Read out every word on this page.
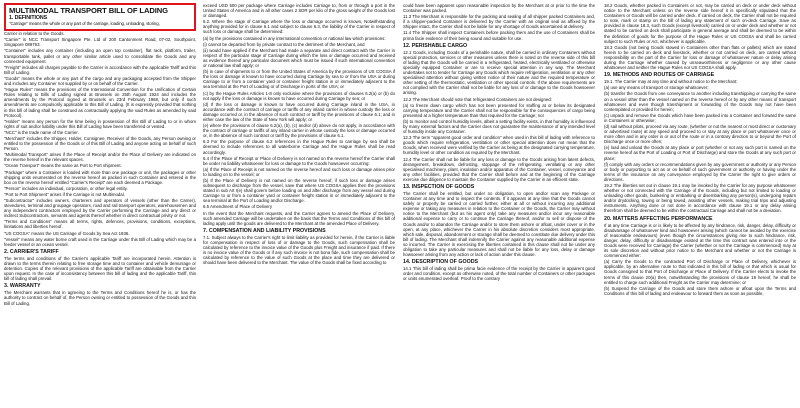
MULTIMODAL TRANSPORT BILL OF LADING
1. DEFINITIONS
"Carriage" means the whole or any part of the carriage, loading, unloading, storing,

Carrier in relation to the Goods.

"Carrier" is NCC Transport Singapore Pte. Ltd of 200 Cantonment Road, 07-02, Southpoint, Singapore 089763.

"Container" includes any container (including an open top container), flat rack, platform, trailer, transportable tank, pallet or any other similar article used to consolidate the Goods and any connected equipment.

"Freight" includes all charges payable to the Carrier in accordance with the applicable Tariff and this Bill of Lading.

"Goods" means the whole or any part of the cargo and any packaging accepted from the Shipper and includes any Container not supplied by or on behalf of the Carrier.

"Hague Rules" means the provisions of the International Convention for the Unification of Certain Rules relating to Bills of Lading signed at Brussels on 25th August 1924 and includes the amendments by the Protocol signed at Brussels on 23rd February 1968, but only if such amendments are compulsorily applicable to this Bill of Lading. (It is expressly provided that nothing in this bill of lading shall be construed as contractually applying the said Rules as amended by said Protocol).

"Holder" means any person for the time being in possession of this Bill of Lading to or in whom rights of suit and/or liability under this Bill of Lading have been transferred or vested.

"NCC" is the trade name of the Carrier.

"Merchant" includes the Shipper, Holder, Consignee, Receiver of the Goods, any Person owning or entitled to the possession of the Goods or of this Bill of Lading and anyone acting on behalf of such Person.

"Multimodal Transport" arises if the Place of Receipt and/or the Place of Delivery are indicated on the reverse hereof in the relevant spaces.

"Ocean Transport" means the same as Port to Port shipment.

"Package" where a Container is loaded with more than one package or unit, the packages or other shipping units enumerated on the reverse hereof as packed in such Container and entered in the box on the reverse hereof entitled "Carrier's Receipt" are each deemed a Package.

"Person" includes an individual, corporation, or other legal entity.

"Port to Port Shipment" arises if the Carriage is not Multimodal.

"Subcontractor" includes owners, charterers and operators of vessels (other than the Carrier), stevedores, terminal and groupage operators, road and rail transport operators, warehousemen and any independent contractors employed by the Carrier performing the Carriage and any direct or indirect Subcontractors, servants and agents thereof whether in direct contractual privity or not.

"Terms and Conditions" means all terms, rights, defences, provisions, conditions, exceptions, limitations and liberties hereof.

"US COGSA" means the US Carriage of Goods by Sea Act 1936.

"Vessel" means any water borne craft used in the Carriage under this Bill of Lading which may be a feeder vessel or an ocean vessel.

2. CARRIER'S TARIFF

The terms and conditions of the Carrier's applicable Tariff are incorporated herein. Attention is drawn to the terms therein relating to free storage time and to container and vehicle demurrage or detention. Copies of the relevant provisions of the applicable Tariff are obtainable from the Carrier upon request. In the case of inconsistency between this bill of lading and the applicable Tariff, this bill of lading shall prevail.

3. WARRANTY

The Merchant warrants that in agreeing to the Terms and Conditions hereof he is, or has the authority to contract on behalf of, the Person owning or entitled to possession of the Goods and this Bill of Lading.

exceed USD 500 per package where Carriage includes Carriage to, from or through a port in the United States of America and in all other cases 2 SDR per kilo of the gross weight of the Goods lost or damaged.

6.2. Where the stage of Carriage where the loss or damage occurred is known, Notwithstanding anything provided for in clause 6.1 and subject to clause 6.3, the liability of the Carrier in respect of such loss or damage shall be determined:

(a) by the provisions contained in any international convention or national law which provisions:

(i) cannot be departed from by private contract to the detriment of the Merchant, and

(ii) would have applied if the Merchant had made a separate and direct contract with the Carrier in respect of the particular stage of Carriage during which the loss or damage occurred and received as evidence thereof any particular document which must be issued if such international convention or national law shall apply; or

(b) in case of shipments to or from the United States of America by the provisions of US COGSA if the loss or damage is known to have occurred during Carriage by sea to or from the USA or during Carriage to or from a container yard or container freight station in or immediately adjacent to the sea terminal at the Port of Loading or of Discharge in ports of the USA; or

(c) by the Hague Rules Articles 1-8 only exclusive where the provisions of clauses 6.2(a) or (b) do not apply if the loss or damage is known to have occurred during Carriage by sea; or

(d) If the loss or damage is known to have occurred during Carriage inland in the USA, in accordance with the contract of carriage or tariffs of any inland carrier in whose custody the loss or damage occurred or, in the absence of such contract or tariff by the provisions of clause 6.1; and in either case the law of the State of New York will apply; or

(e) where the provisions of clause 6.2(a), (b), (c) and/or (d) above do not apply, in accordance with the contract of carriage or tariffs of any inland carrier in whose custody the loss or damage occurred or, in the absence of such contract or tariff by the provisions of clause 6.1.

6.3 For the purpose of clause 6.2 references in the Hague Rules to carriage by sea shall be deemed to include references to all waterborne Carriage and the Hague Rules shall be read accordingly.

6.4 If the Place of Receipt or Place of Delivery is not named on the reverse hereof the Carrier shall be under no liability whatsoever for loss or damage to the Goods howsoever occurring:

(a) If the Place of Receipt is not named on the reverse hereof and such loss or damage arises prior to loading on to the vessel; or

(b) If the Place of Delivery is not named on the reverse hereof, if such loss or damage arises subsequent to discharge from the vessel, save that where US COGSA applies then the provisions stated in sub Art I(e) shall govern before loading on and after discharge from any vessel and during Carriage to or from a container yard or container freight station in or immediately adjacent to the sea terminal at the Port of Loading and/or Discharge.

6.5 Amendment of Place of Delivery

In the event that the Merchant requests, and the Carrier agrees to amend the Place of Delivery, such amended Carriage will be undertaken on the basis that the Terms and Conditions of this bill of lading apply until the goods are delivered to the Merchant at the amended Place of Delivery.

7. COMPENSATION AND LIABILITY PROVISIONS

7.1. Subject always to the Carrier's right to limit liability as provided for herein, if the Carrier is liable for compensation in respect of loss of or damage to the Goods, such compensation shall be calculated by reference to the invoice value of the Goods plus Freight and insurance if paid. If there is no invoice value of the Goods or if any such invoice is not bona fide, such compensation shall be calculated by reference to the value of such Goods at the place and time they are delivered or should have been delivered to the Merchant. The value of the Goods shall be fixed according to

could have been apparent upon reasonable inspection by the Merchant at or prior to the time the Container was packed.

11.3 The Merchant is responsible for the packing and sealing of all shipper packed Containers and, if a shipper-packed Container is delivered by the Carrier with an original seal as affixed by the Shipper intact, the Carrier shall not be liable for any shortage of Goods ascertained at delivery.

11.4 The Shipper shall inspect Containers before packing them and the use of Containers shall be prima facie evidence of their being sound and suitable for use.

12. PERISHABLE CARGO

12.1 Goods, including Goods of a perishable nature, shall be carried in ordinary Containers without special protection, services or other measures unless there is noted on the reverse side of this bill of lading that the Goods will be carried in a refrigerated, heated, electrically ventilated or otherwise specially equipped Container or are to receive special attention in any way. The Merchant undertakes not to tender for Carriage any Goods which require refrigeration, ventilation or any other specialised attention without giving written notice of their nature and the required temperature or other setting of the thermostatic, ventilation or other special controls. If the above requirements are not complied with the Carrier shall not be liable for any loss of or damage to the Goods howsoever arising.

12.2 The Merchant should note that refrigerated Containers are not designed:

(a) to freeze down cargo which has not been presented for stuffing at or below its designated carrying temperature and the Carrier shall not be responsible for the consequences of cargo being presented at a higher temperature than that required for the Carriage; nor

(b) to monitor and control humidity levels, albeit a setting facility exists, in that humidity is influenced by many external factors and the Carrier does not guarantee the maintenance of any intended level of humidity inside any Container.

12.3 The term "apparent good order and condition" when used in this bill of lading with reference to goods which require refrigeration, ventilation or other special attention does not mean that the Goods, when received were verified by the Carrier as being at the designated carrying temperature, humidity level or other condition as required by the Merchant.

12.4 The Carrier shall not be liable for any loss or damage to the Goods arising from latent defects, derangement, breakdown, defrosting, stoppage of the refrigerating, ventilating or any other specialised machinery, plant, insulation and/or apparatus of the Container, vessel, conveyance and any other facilities, provided that the Carrier shall before and at the beginning of the Carriage exercise due diligence to maintain the Container supplied by the Carrier in an efficient state.

13. INSPECTION OF GOODS

The Carrier shall be entitled, but under no obligation, to open and/or scan any Package or Container at any time and to inspect the contents. If it appears at any time that the Goods cannot safely or properly be carried or carried further, either at all or without incurring any additional expense or taking any measures in relation to the Container or the Goods, the Carrier may without notice to the Merchant (but as his agent only) take any measures and/or incur any reasonable additional expense to carry or to continue the Carriage thereof, and/or to sell or dispose of the Goods and/or to abandon the Carriage and/or to store them ashore or afloat, under cover or in the open, at any place, whichever the Carrier in his absolute discretion considers most appropriate, which sale, disposal, abandonment or storage shall be deemed to constitute due delivery under this bill of lading. The Merchant shall indemnify the Carrier against any reasonable additional expense so incurred. The Carrier in exercising the liberties contained in this clause shall not be under any obligation to take any particular measures and shall not be liable for any loss, delay or damage howsoever arising from any action or lack of action under this clause.

14. DESCRIPTION OF GOODS

14.1 This bill of lading shall be prima facie evidence of the receipt by the Carrier in apparent good order and condition, except as otherwise noted, of the total number of Containers or other packages or units enumerated overleaf. Proof to the contrary

18.2 Goods, whether packed in Containers or not, may be carried on deck or under deck without notice to the Merchant unless on the reverse side hereof it is specifically stipulated that the Containers or Goods will be carried under deck. If carried on deck, the Carrier shall not be required to note, mark or stamp on the bill of lading any statement of such on-deck Carriage. Save as provided in clause 18.3, such Goods (except livestock) carried on or under deck and whether or not stated to be carried on deck shall participate in general average and shall be deemed to be within the definition of goods for the purpose of the Hague Rules or US COGSA and shall be carried subject to such Rules or Act, whichever is applicable.

18.3 Goods (not being Goods stowed in Containers other than flats or pallets) which are stated herein to be carried on deck and livestock, whether or not carried on deck, are carried without responsibility on the part of the Carrier for loss or damage of whatsoever nature or delay arising during the Carriage whether caused by unseaworthiness or negligence or any other cause whatsoever and neither the Hague Rules nor US COGSA shall apply.

19. METHODS AND ROUTES OF CARRIAGE

19.1. The Carrier may at any time and without notice to the Merchant:

(a) use any means of transport or storage whatsoever;

(b) transfer the Goods from one conveyance to another including transhipping or carrying the same on a vessel other than the vessel named on the reverse hereof or by any other means of transport whatsoever and even though transhipment or forwarding of the Goods may not have been contemplated or provided for herein;

(c) unpack and remove the Goods which have been packed into a Container and forward the same in Containers or otherwise;

(d) sail without pilots, proceed via any route, (whether or not the nearest or most direct or customary or advertised route) at any speed and proceed to or stay at any place or port whatsoever once or more often and in any order in or out of the route or in a contrary direction to or beyond the Port of Discharge once or more often;

(e) load and unload the Goods at any place or port (whether or not any such port is named on the reverse hereof as the Port of Loading or Port of Discharge) and store the Goods at any such port or place;

(f) comply with any orders or recommendations given by any government or authority or any Person or body or purporting to act as or on behalf of such government or authority or having under the terms of the insurance on any conveyance employed by the Carrier the right to give orders or directions.

19.2 The liberties set out in clause 19.1 may be invoked by the Carrier for any purpose whatsoever whether or not connected with the Carriage of the Goods, including but not limited to loading or unloading other goods, bunkering or embarking or disembarking any person(s), undergoing repairs and/or drydocking, towing or being towed, assisting other vessels, making trial trips and adjusting instruments. Anything done or not done in accordance with clause 19.1 or any delay arising therefrom shall be deemed to be within the contractual Carriage and shall not be a deviation.

20. MATTERS AFFECTING PERFORMANCE

If at any time Carriage is or is likely to be affected by any hindrance, risk, danger, delay, difficulty or disadvantage of whatsoever kind and howsoever arising (which cannot be avoided by the exercise of reasonable endeavours) (even though the circumstances giving rise to such hindrance, risk, danger, delay, difficulty or disadvantage existed at the time this contract was entered into or the Goods were received for Carriage) the Carrier (whether or not the Carriage is commenced) may at its sole discretion and without prior notice to the Merchant and whether or not the Carriage is commenced either:

(a) Carry the Goods to the contracted Port of Discharge or Place of Delivery, whichever is applicable, by an alternative route to that indicated in this bill of lading or that which is usual for Goods consigned to that Port of Discharge or Place of Delivery. If the Carrier elects to invoke the terms of this clause 20(a) then, notwithstanding the provisions of clause 19 hereof, he shall be entitled to charge such additional Freight as the Carrier may determine; or

(b) Suspend the Carriage of the Goods and store them ashore or afloat upon the Terms and Conditions of this bill of lading and endeavour to forward them as soon as possible,
